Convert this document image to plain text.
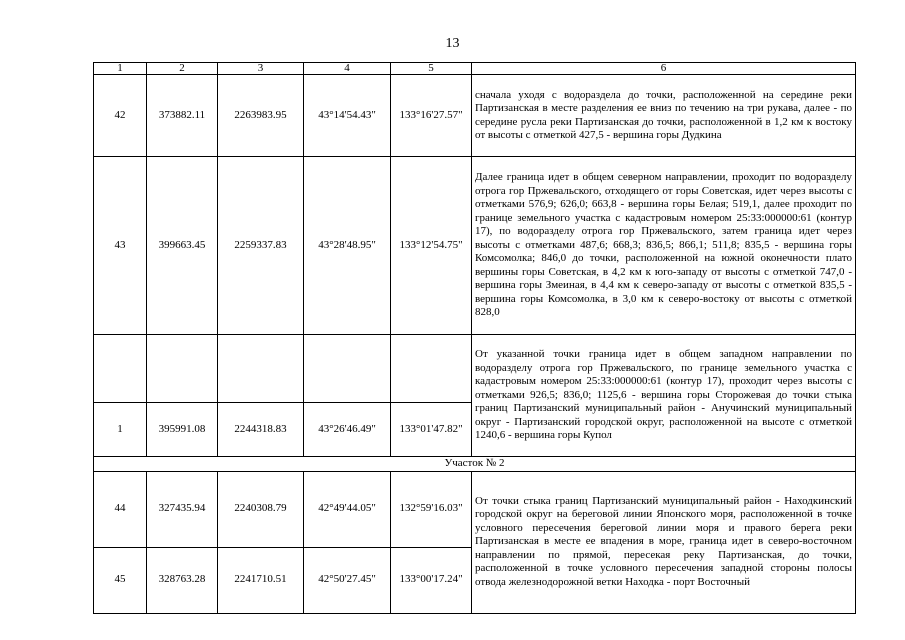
13
1	2	3	4	5	6
42	373882.11	2263983.95	43°14'54.43"	133°16'27.57"	сначала уходя с водораздела до точки, расположенной на середине реки Партизанская в месте разделения ее вниз по течению на три рукава, далее - по середине русла реки Партизанская до точки, расположенной в 1,2 км к востоку от высоты с отметкой 427,5 - вершина горы Дудкина
43	399663.45	2259337.83	43°28'48.95"	133°12'54.75"	Далее граница идет в общем северном направлении, проходит по водоразделу отрога гор Пржевальского, отходящего от горы Советская, идет через высоты с отметками 576,9; 626,0; 663,8 - вершина горы Белая; 519,1, далее проходит по границе земельного участка с кадастровым номером 25:33:000000:61 (контур 17), по водоразделу отрога гор Пржевальского, затем граница идет через высоты с отметками 487,6; 668,3; 836,5; 866,1; 511,8; 835,5 - вершина горы Комсомолка; 846,0 до точки, расположенной на южной оконечности плато вершины горы Советская, в 4,2 км к юго-западу от высоты с отметкой 747,0 - вершина горы Змеиная, в 4,4 км к северо-западу от высоты с отметкой 835,5 - вершина горы Комсомолка, в 3,0 км к северо-востоку от высоты с отметкой 828,0
					От указанной точки граница идет в общем западном направлении по водоразделу отрога гор Пржевальского, по границе земельного участка с кадастровым номером 25:33:000000:61 (контур 17), проходит через высоты с отметками 926,5; 836,0; 1125,6 - вершина горы Сторожевая до точки стыка границ Партизанский муниципальный район - Анучинский муниципальный округ - Партизанский городской округ, расположенной на высоте с отметкой 1240,6 - вершина горы Купол
1	395991.08	2244318.83	43°26'46.49"	133°01'47.82"	
Участок № 2					
44	327435.94	2240308.79	42°49'44.05"	132°59'16.03"	От точки стыка границ Партизанский муниципальный район - Находкинский городской округ на береговой линии Японского моря, расположенной в точке условного пересечения береговой линии моря и правого берега реки Партизанская в месте ее впадения в море, граница идет в северо-восточном направлении по прямой, пересекая реку Партизанская, до точки, расположенной в точке условного пересечения западной стороны полосы отвода железнодорожной ветки Находка - порт Восточный
45	328763.28	2241710.51	42°50'27.45"	133°00'17.24"	
